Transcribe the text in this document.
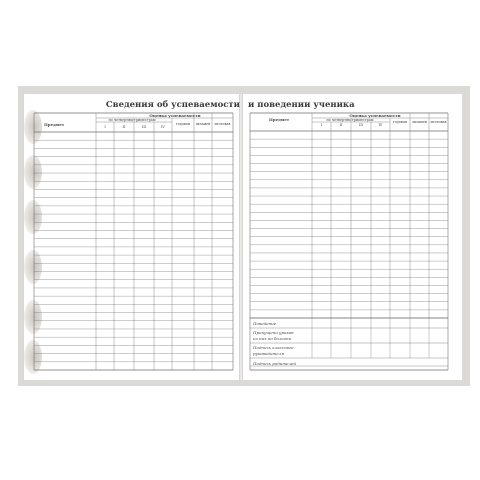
Сведения об успеваемости и поведении ученика
Предмет
Оценка успеваемости
по четвертям/триместрам
I	II	III	IV
годовая	экзамен	итоговая
Предмет
Оценка успеваемости
по четвертям/триместрам
I	II	III	IV
годовая	экзамен	итоговая
Поведение
Пропущено уроков
из них по болезни
Подпись классного
руководителя
Подпись родителей
